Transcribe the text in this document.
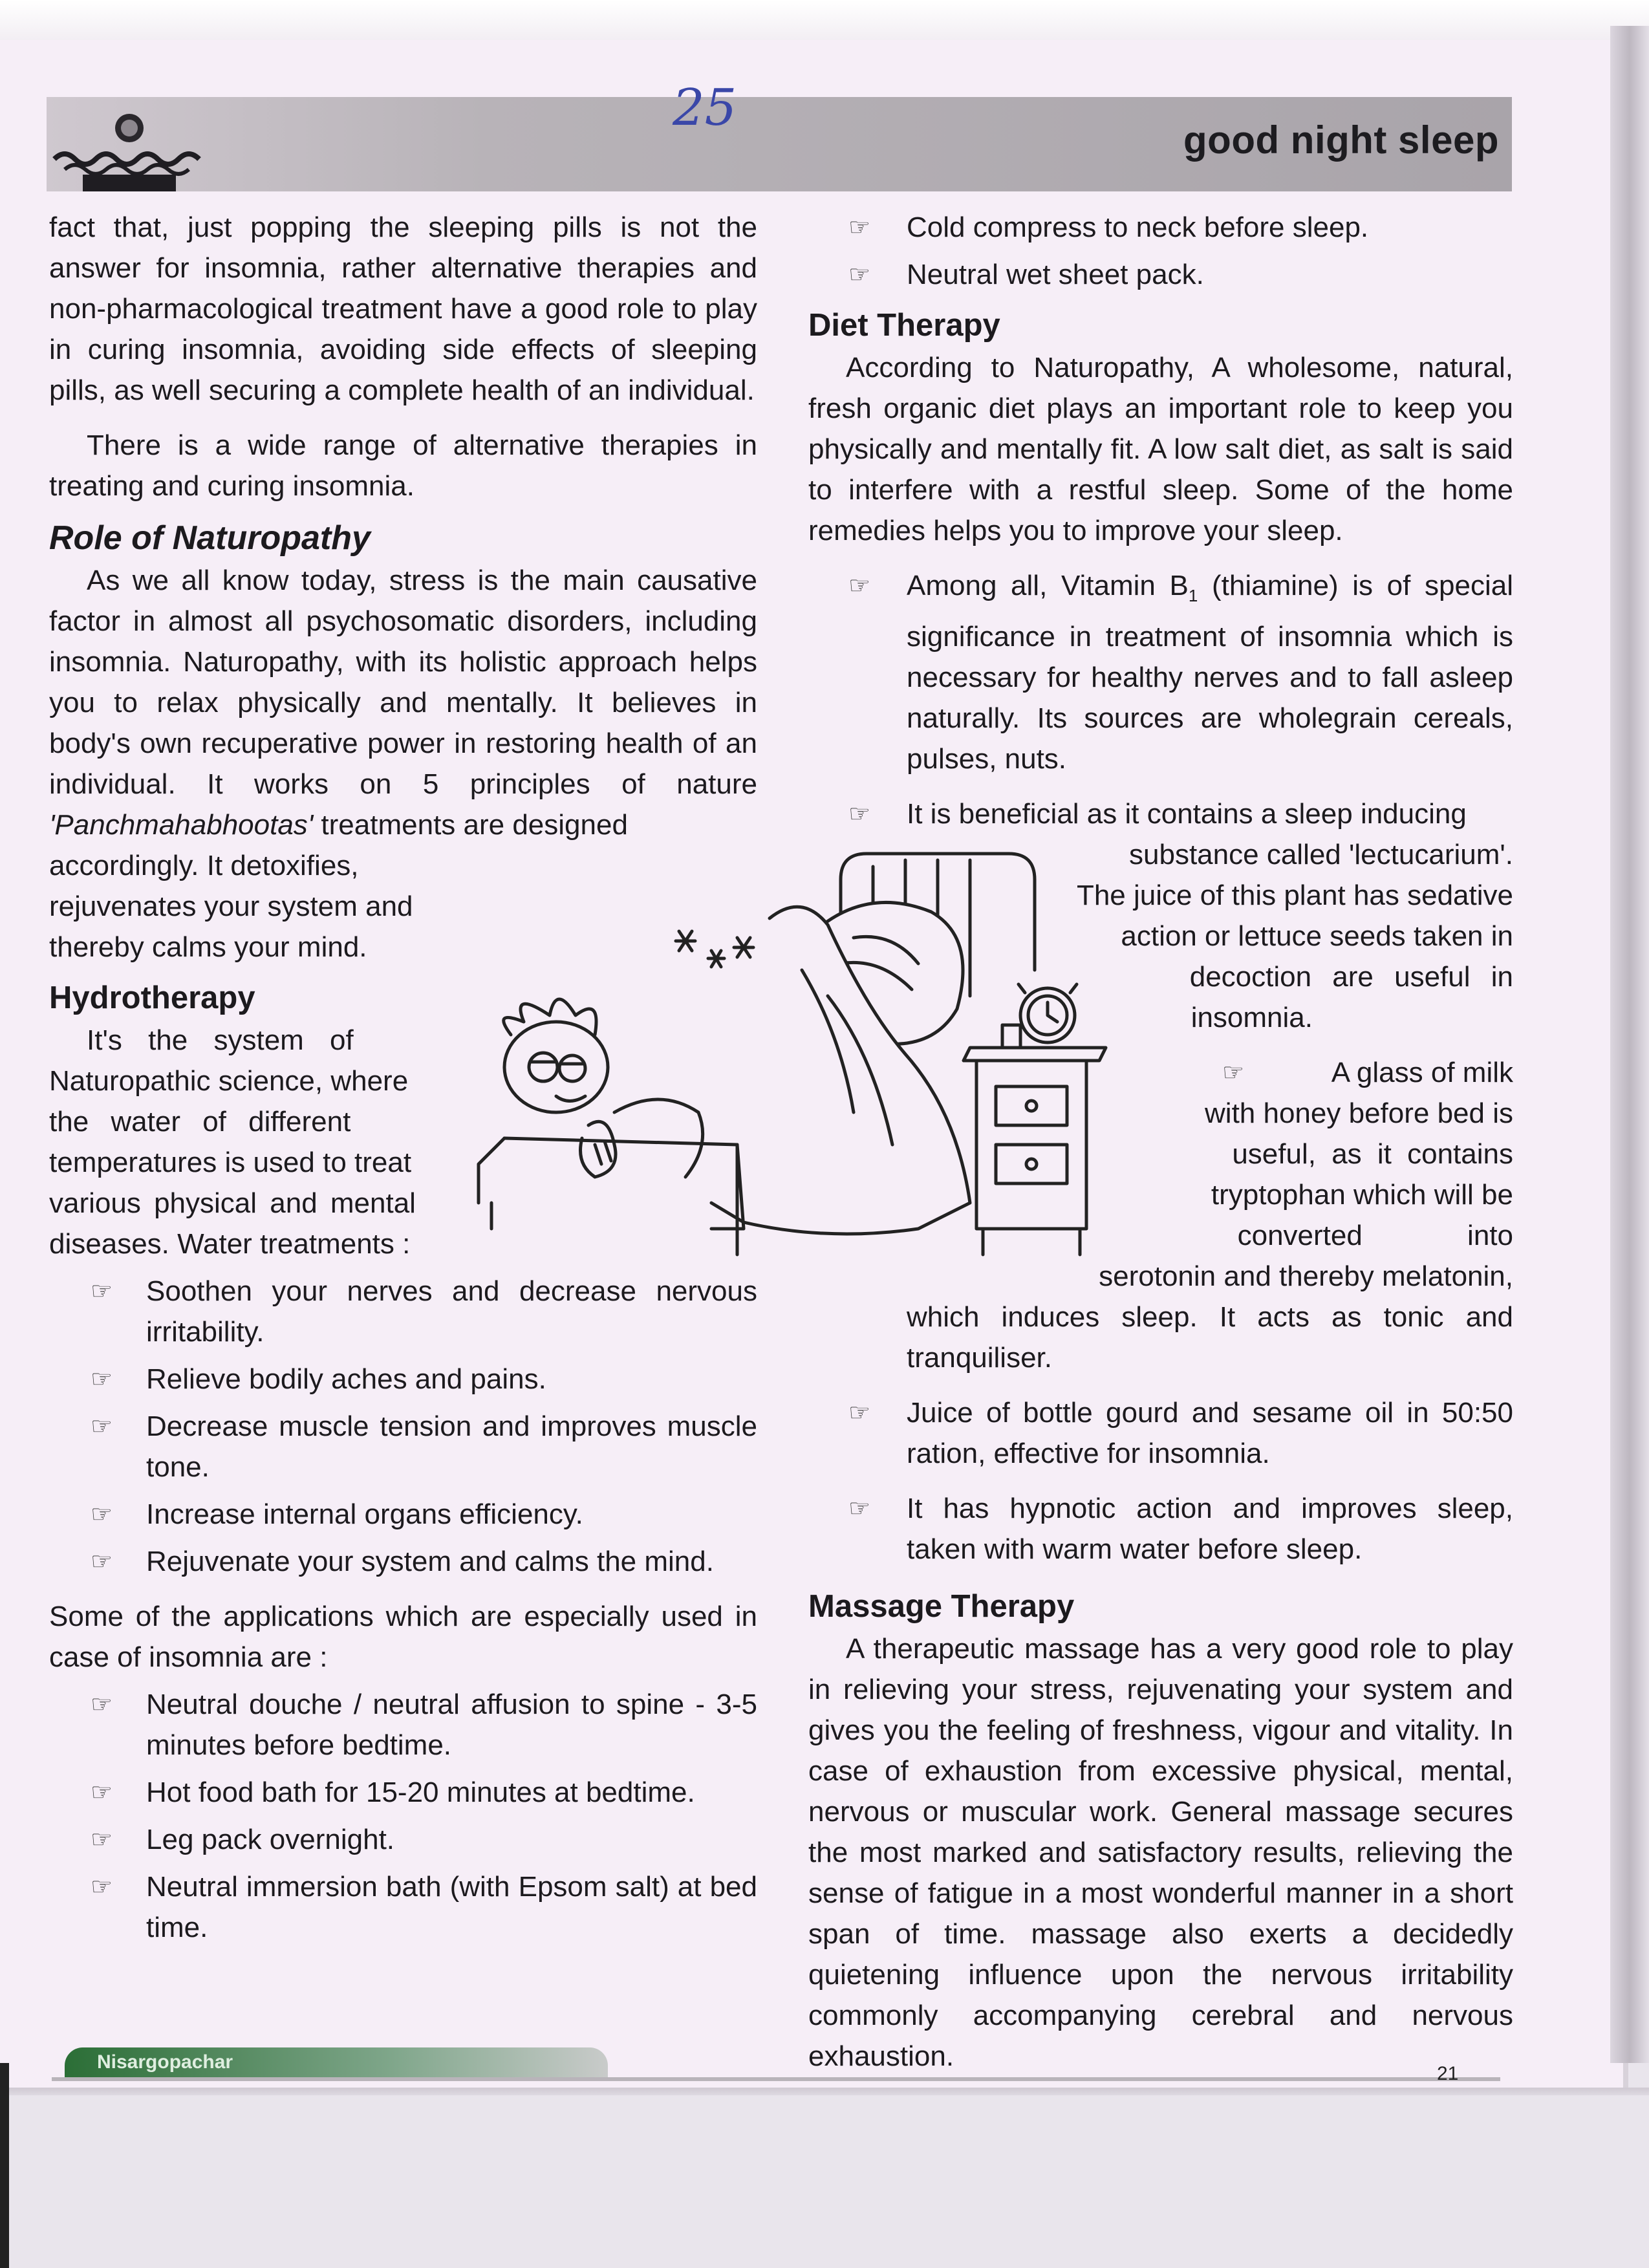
25
good night sleep

fact that, just popping the sleeping pills is not the answer for insomnia, rather alternative therapies and non-pharmacological treatment have a good role to play in curing insomnia, avoiding side effects of sleeping pills, as well securing a complete health of an individual.

There is a wide range of alternative therapies in treating and curing insomnia.

Role of Naturopathy

As we all know today, stress is the main causative factor in almost all psychosomatic disorders, including insomnia. Naturopathy, with its holistic approach helps you to relax physically and mentally. It believes in body's own recuperative power in restoring health of an individual. It works on 5 principles of nature 'Panchmahabhootas' treatments are designed

accordingly. It detoxifies,

rejuvenates your system and

thereby calms your mind.

Hydrotherapy

It's the system of

Naturopathic science, where

the water of different

temperatures is used to treat

various physical and mental

diseases. Water treatments :

☞ Soothen your nerves and decrease nervous irritability.
☞ Relieve bodily aches and pains.
☞ Decrease muscle tension and improves muscle tone.
☞ Increase internal organs efficiency.
☞ Rejuvenate your system and calms the mind.

Some of the applications which are especially used in case of insomnia are :

☞ Neutral douche / neutral affusion to spine - 3-5 minutes before bedtime.
☞ Hot food bath for 15-20 minutes at bedtime.
☞ Leg pack overnight.
☞ Neutral immersion bath (with Epsom salt) at bed time.
☞ Cold compress to neck before sleep.
☞ Neutral wet sheet pack.
Diet Therapy

According to Naturopathy, A wholesome, natural, fresh organic diet plays an important role to keep you physically and mentally fit. A low salt diet, as salt is said to interfere with a restful sleep. Some of the home remedies helps you to improve your sleep.

☞ Among all, Vitamin $B_1$ (thiamine) is of special significance in treatment of insomnia which is necessary for healthy nerves and to fall asleep naturally. Its sources are wholegrain cereals, pulses, nuts.
☞ It is beneficial as it contains a sleep inducing
substance called 'lectucarium'.
The juice of this plant has sedative
action or lettuce seeds taken in
decoction are useful in
insomnia.
☞	A glass of milk
with honey before bed is
useful, as it contains
tryptophan which will be
converted into
serotonin and thereby melatonin,

which induces sleep. It acts as tonic and tranquiliser.

☞ Juice of bottle gourd and sesame oil in 50:50 ration, effective for insomnia.
☞ It has hypnotic action and improves sleep, taken with warm water before sleep.
Massage Therapy

A therapeutic massage has a very good role to play in relieving your stress, rejuvenating your system and gives you the feeling of freshness, vigour and vitality. In case of exhaustion from excessive physical, mental, nervous or muscular work. General massage secures the most marked and satisfactory results, relieving the sense of fatigue in a most wonderful manner in a short span of time. massage also exerts a decidedly quietening influence upon the nervous irritability commonly accompanying cerebral and nervous exhaustion.

Nisargopachar
21
